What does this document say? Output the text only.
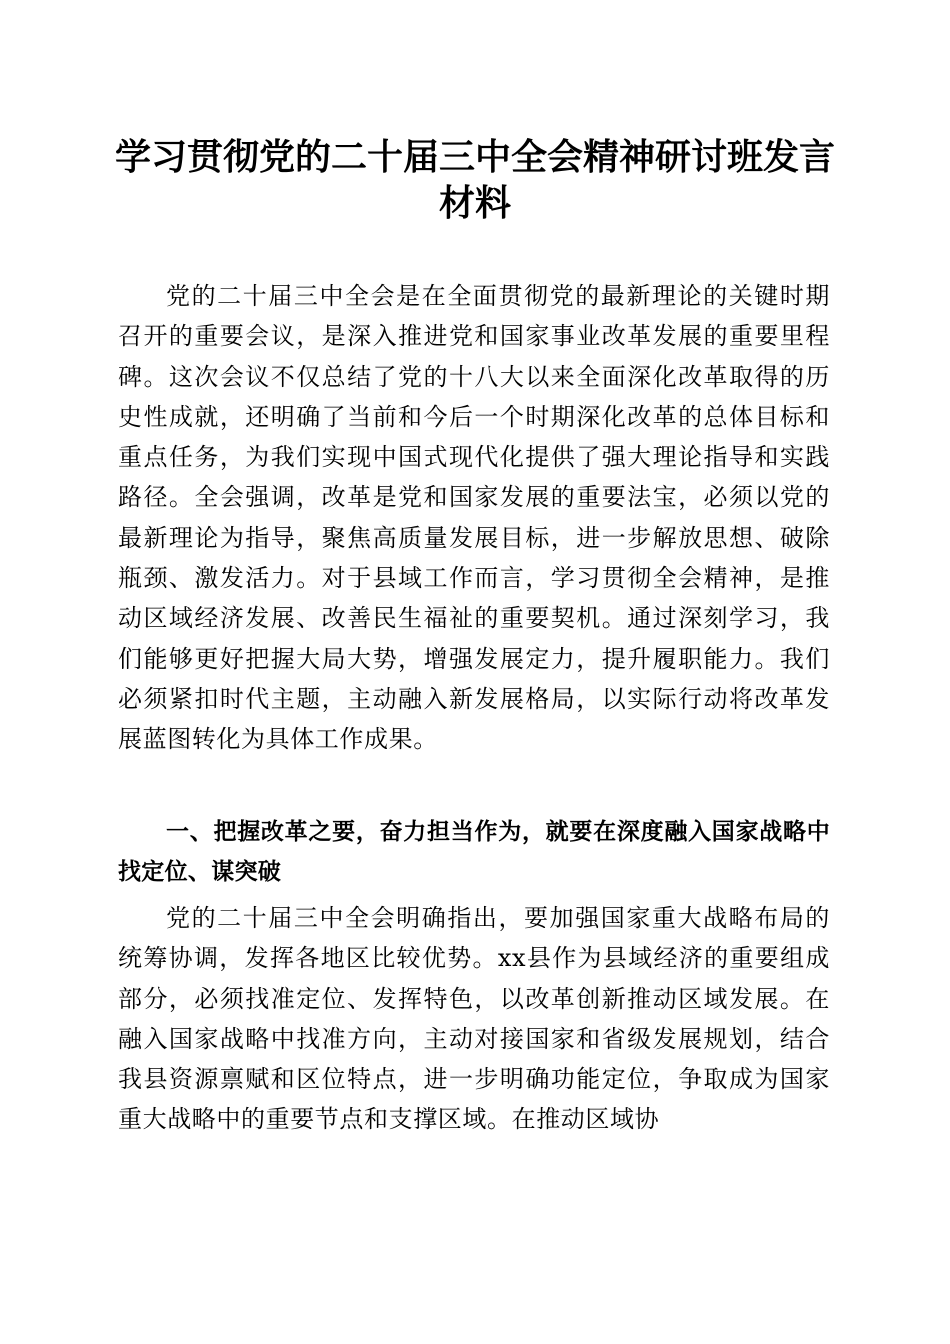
学习贯彻党的二十届三中全会精神研讨班发言材料

党的二十届三中全会是在全面贯彻党的最新理论的关键时期召开的重要会议，是深入推进党和国家事业改革发展的重要里程碑。这次会议不仅总结了党的十八大以来全面深化改革取得的历史性成就，还明确了当前和今后一个时期深化改革的总体目标和重点任务，为我们实现中国式现代化提供了强大理论指导和实践路径。全会强调，改革是党和国家发展的重要法宝，必须以党的最新理论为指导，聚焦高质量发展目标，进一步解放思想、破除瓶颈、激发活力。对于县域工作而言，学习贯彻全会精神，是推动区域经济发展、改善民生福祉的重要契机。通过深刻学习，我们能够更好把握大局大势，增强发展定力，提升履职能力。我们必须紧扣时代主题，主动融入新发展格局，以实际行动将改革发展蓝图转化为具体工作成果。

一、把握改革之要，奋力担当作为，就要在深度融入国家战略中找定位、谋突破

党的二十届三中全会明确指出，要加强国家重大战略布局的统筹协调，发挥各地区比较优势。xx县作为县域经济的重要组成部分，必须找准定位、发挥特色，以改革创新推动区域发展。在融入国家战略中找准方向，主动对接国家和省级发展规划，结合我县资源禀赋和区位特点，进一步明确功能定位，争取成为国家重大战略中的重要节点和支撑区域。在推动区域协
